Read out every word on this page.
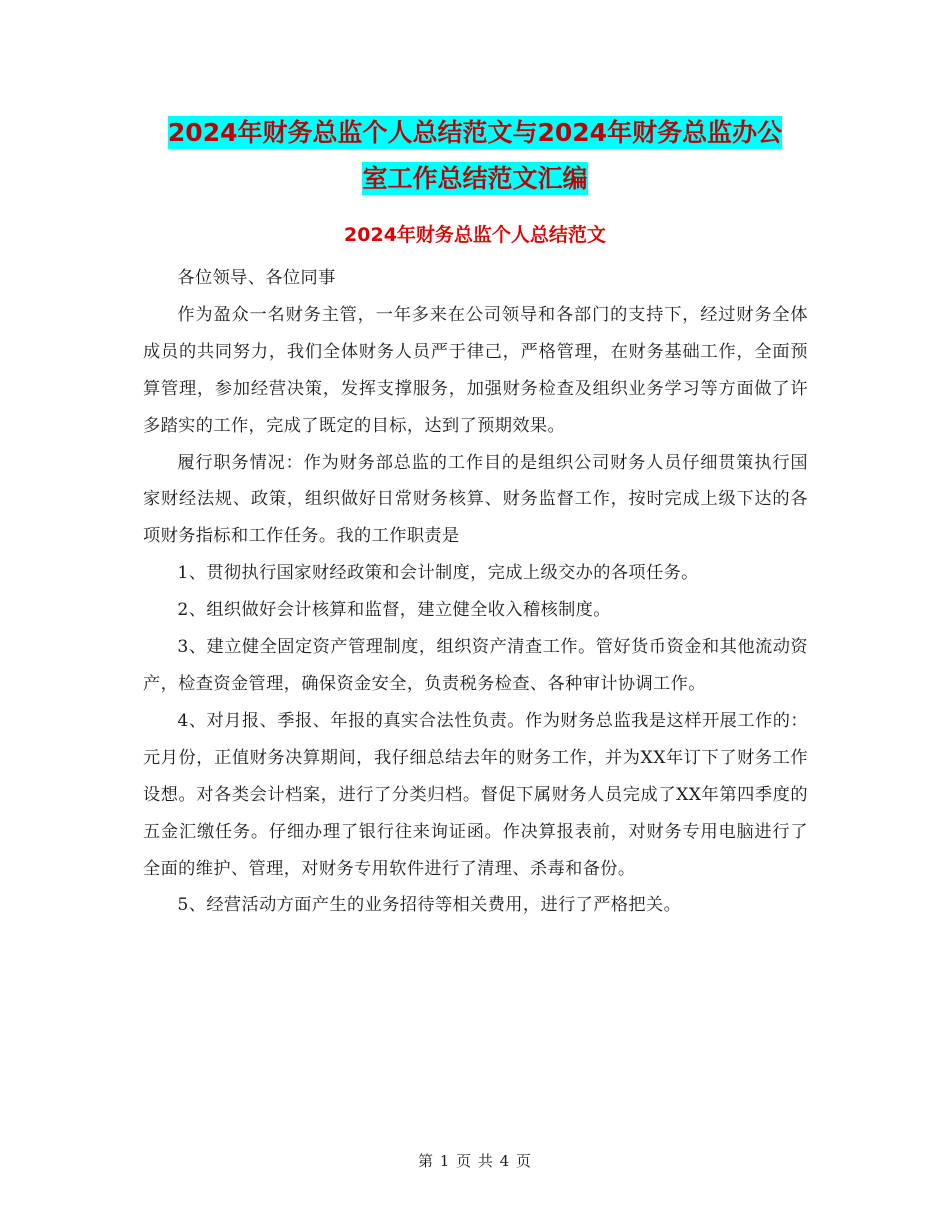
2024年财务总监个人总结范文与2024年财务总监办公
室工作总结范文汇编
2024年财务总监个人总结范文

各位领导、各位同事

作为盈众一名财务主管，一年多来在公司领导和各部门的支持下，经过财务全体成员的共同努力，我们全体财务人员严于律己，严格管理，在财务基础工作，全面预算管理，参加经营决策，发挥支撑服务，加强财务检查及组织业务学习等方面做了许多踏实的工作，完成了既定的目标，达到了预期效果。

履行职务情况：作为财务部总监的工作目的是组织公司财务人员仔细贯策执行国家财经法规、政策，组织做好日常财务核算、财务监督工作，按时完成上级下达的各项财务指标和工作任务。我的工作职责是

1、贯彻执行国家财经政策和会计制度，完成上级交办的各项任务。

2、组织做好会计核算和监督，建立健全收入稽核制度。

3、建立健全固定资产管理制度，组织资产清查工作。管好货币资金和其他流动资产，检查资金管理，确保资金安全，负责税务检查、各种审计协调工作。

4、对月报、季报、年报的真实合法性负责。作为财务总监我是这样开展工作的：元月份，正值财务决算期间，我仔细总结去年的财务工作，并为XX年订下了财务工作设想。对各类会计档案，进行了分类归档。督促下属财务人员完成了XX年第四季度的五金汇缴任务。仔细办理了银行往来询证函。作决算报表前，对财务专用电脑进行了全面的维护、管理，对财务专用软件进行了清理、杀毒和备份。

5、经营活动方面产生的业务招待等相关费用，进行了严格把关。

第 1 页 共 4 页
